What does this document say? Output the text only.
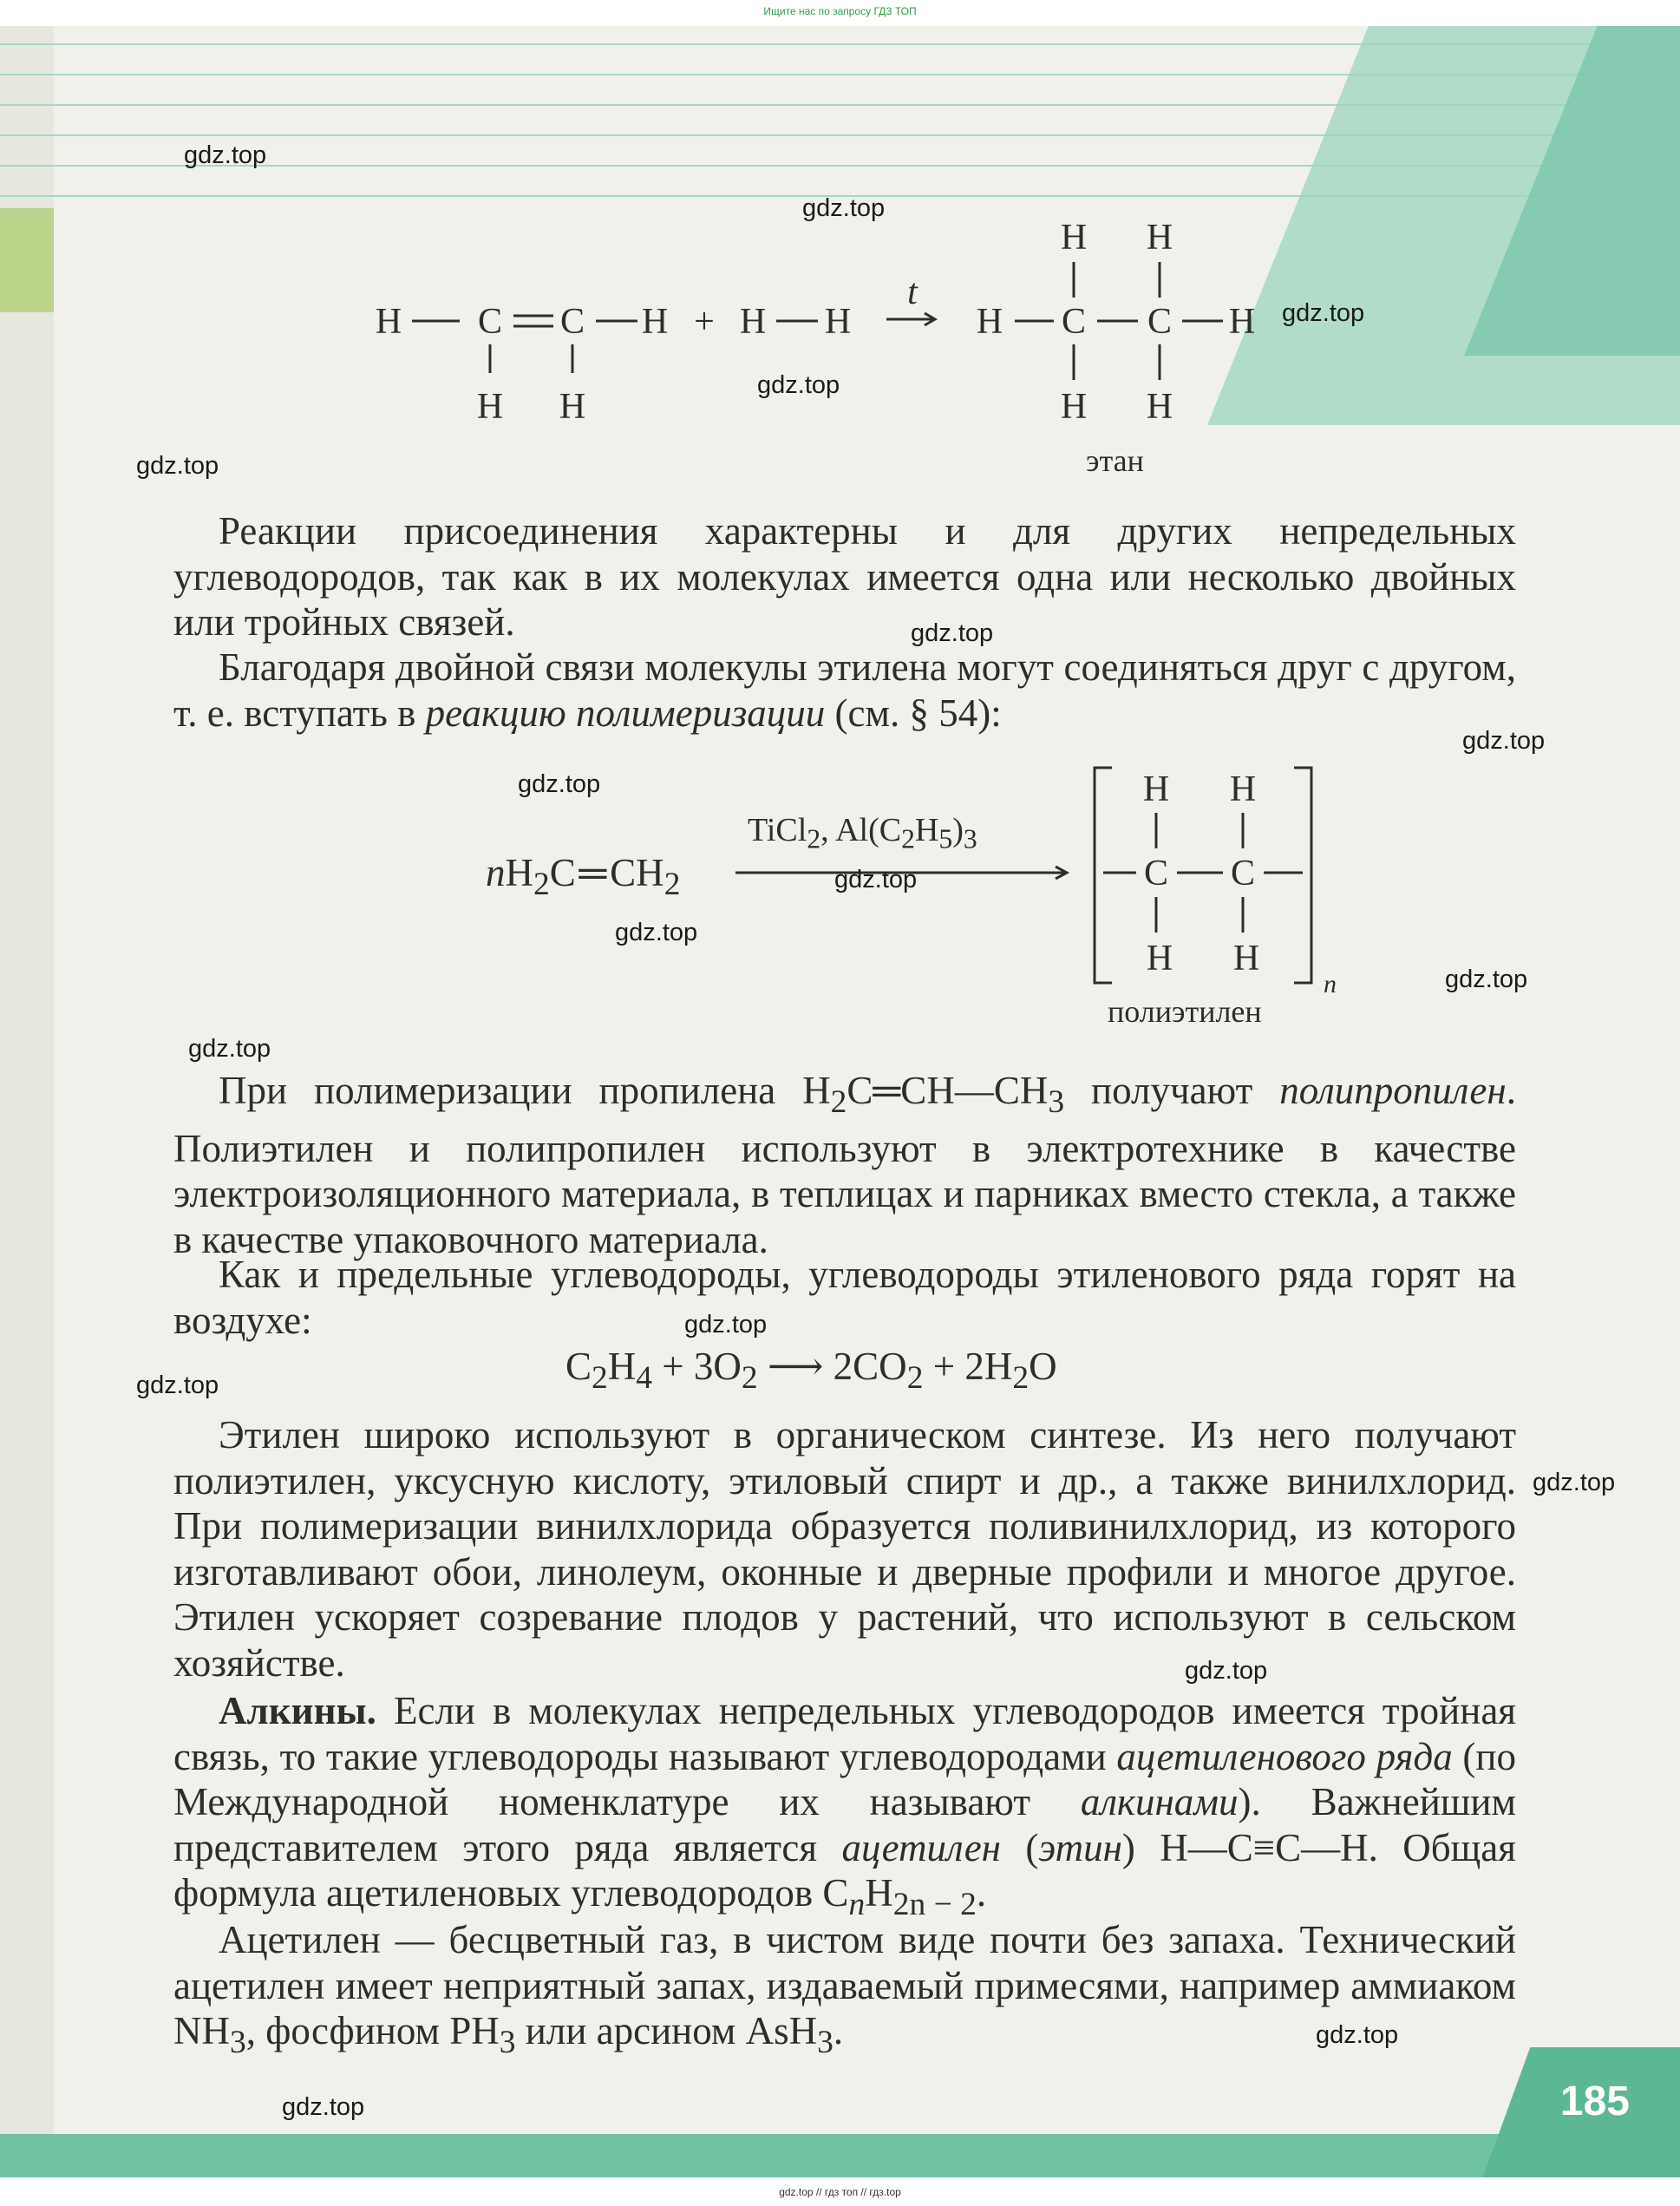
Ищите нас по запросу ГДЗ ТОП
185
H C C H
H H
+ H H
t
H H
H C C H
H H
H H
C C
H H
n
этан
$nH_2C$ ═ $CH_2$
TiCl$_2$, $Al(C_2H_5)_3$
полиэтилен
Реакции присоединения характерны и для других непредельных углеводородов, так как в их молекулах имеется одна или несколько двойных или тройных связей.
Благодаря двойной связи молекулы этилена могут соединяться друг с другом, т. е. вступать в реакцию полимеризации (см. § 54):
При полимеризации пропилена $H_2C═CH—CH_3$ получают полипропилен. Полиэтилен и полипропилен используют в электротехнике в качестве электроизоляционного материала, в теплицах и парниках вместо стекла, а также в качестве упаковочного материала.
Как и предельные углеводороды, углеводороды этиленового ряда горят на воздухе:
$C_2H_4 + 3O_2$ ⟶ $2CO_2 + 2H_2O$
Этилен широко используют в органическом синтезе. Из него получают полиэтилен, уксусную кислоту, этиловый спирт и др., а также винилхлорид. При полимеризации винилхлорида образуется поливинилхлорид, из которого изготавливают обои, линолеум, оконные и дверные профили и многое другое. Этилен ускоряет созревание плодов у растений, что используют в сельском хозяйстве.
Алкины. Если в молекулах непредельных углеводородов имеется тройная связь, то такие углеводороды называют углеводородами ацетиленового ряда (по Международной номенклатуре их называют алкинами). Важнейшим представителем этого ряда является ацетилен (этин) H—C≡C—H. Общая формула ацетиленовых углеводородов $C_nH_{2n - 2}$.
Ацетилен — бесцветный газ, в чистом виде почти без запаха. Технический ацетилен имеет неприятный запах, издаваемый примесями, например аммиаком $NH_3$, фосфином $PH_3$ или арсином AsH$_3$.
gdz.top
gdz.top
gdz.top
gdz.top
gdz.top
gdz.top
gdz.top
gdz.top
gdz.top
gdz.top
gdz.top
gdz.top
gdz.top
gdz.top
gdz.top
gdz.top
gdz.top
gdz.top
gdz.top // гдз топ // гдз.top
